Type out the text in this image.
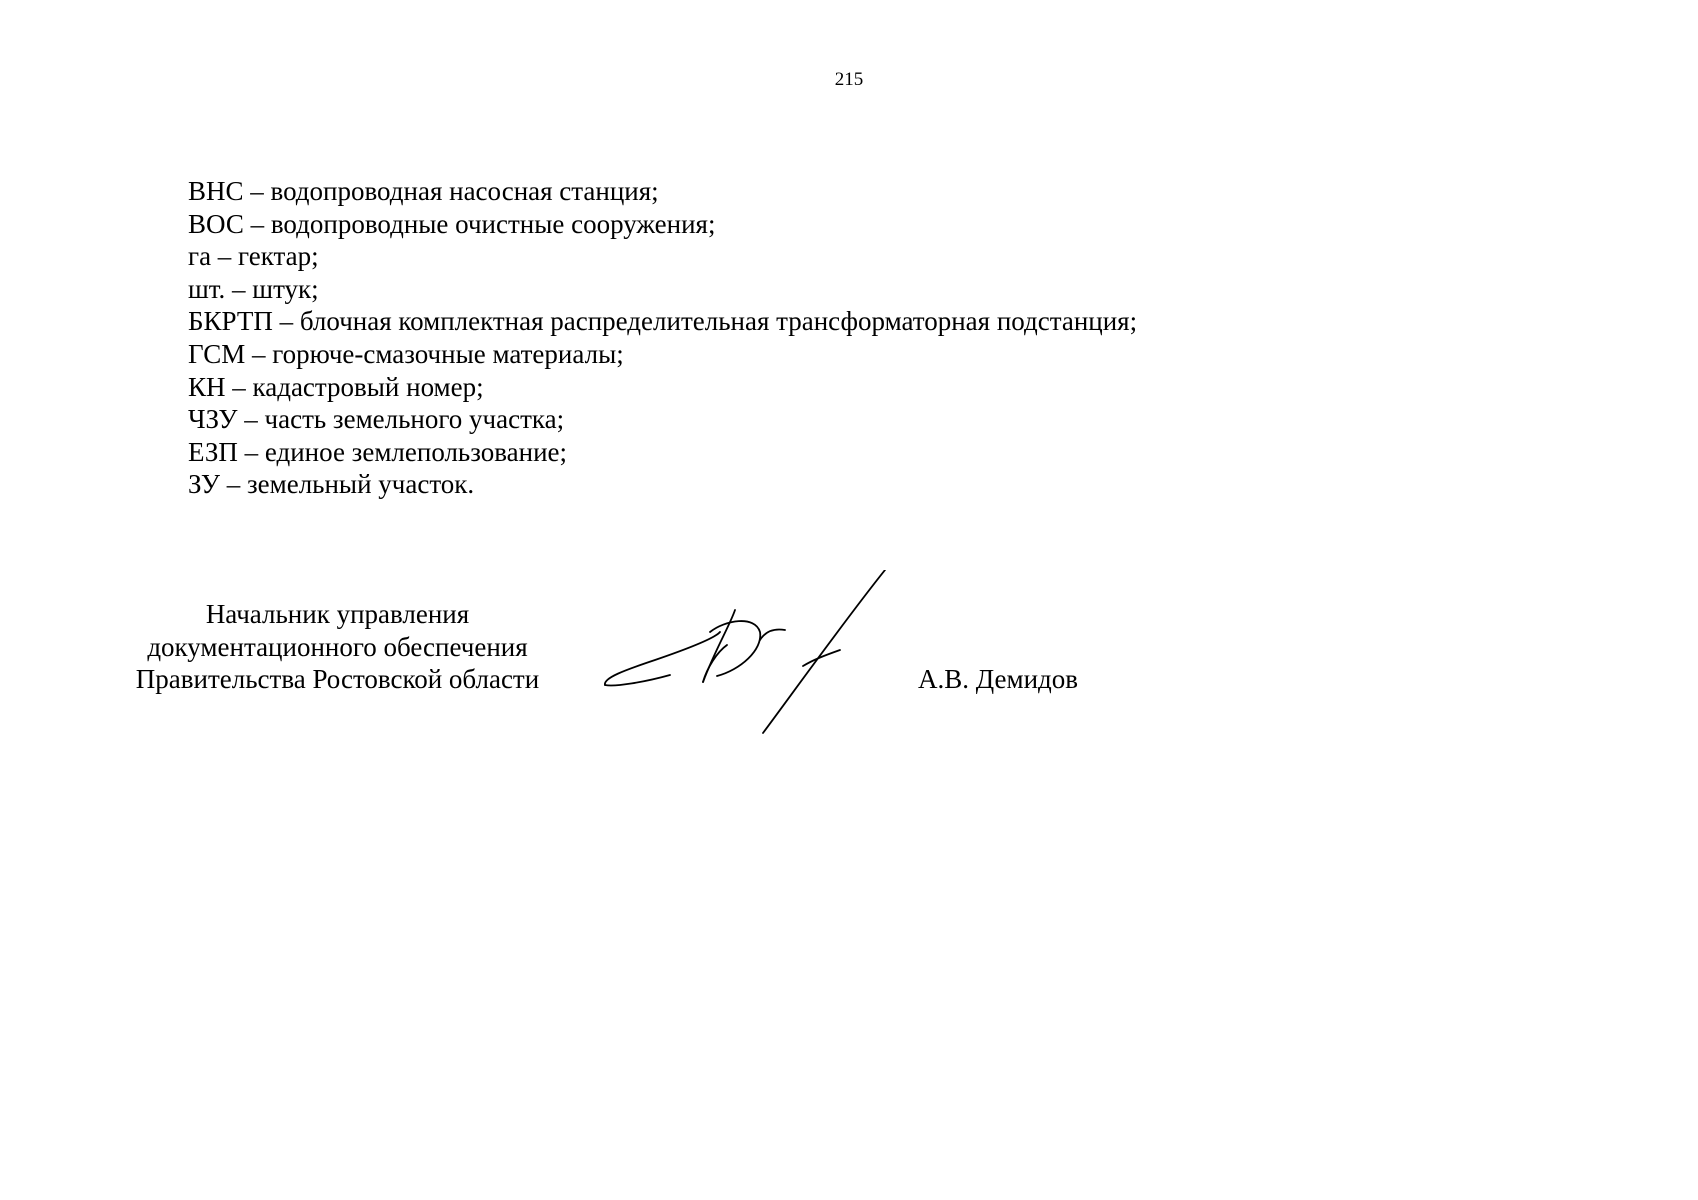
215
ВНС – водопроводная насосная станция;
ВОС – водопроводные очистные сооружения;
га – гектар;
шт. – штук;
БКРТП – блочная комплектная распределительная трансформаторная подстанция;
ГСМ – горюче-смазочные материалы;
КН – кадастровый номер;
ЧЗУ – часть земельного участка;
ЕЗП – единое землепользование;
ЗУ – земельный участок.
Начальник управления
документационного обеспечения
Правительства Ростовской области	А.В. Демидов
